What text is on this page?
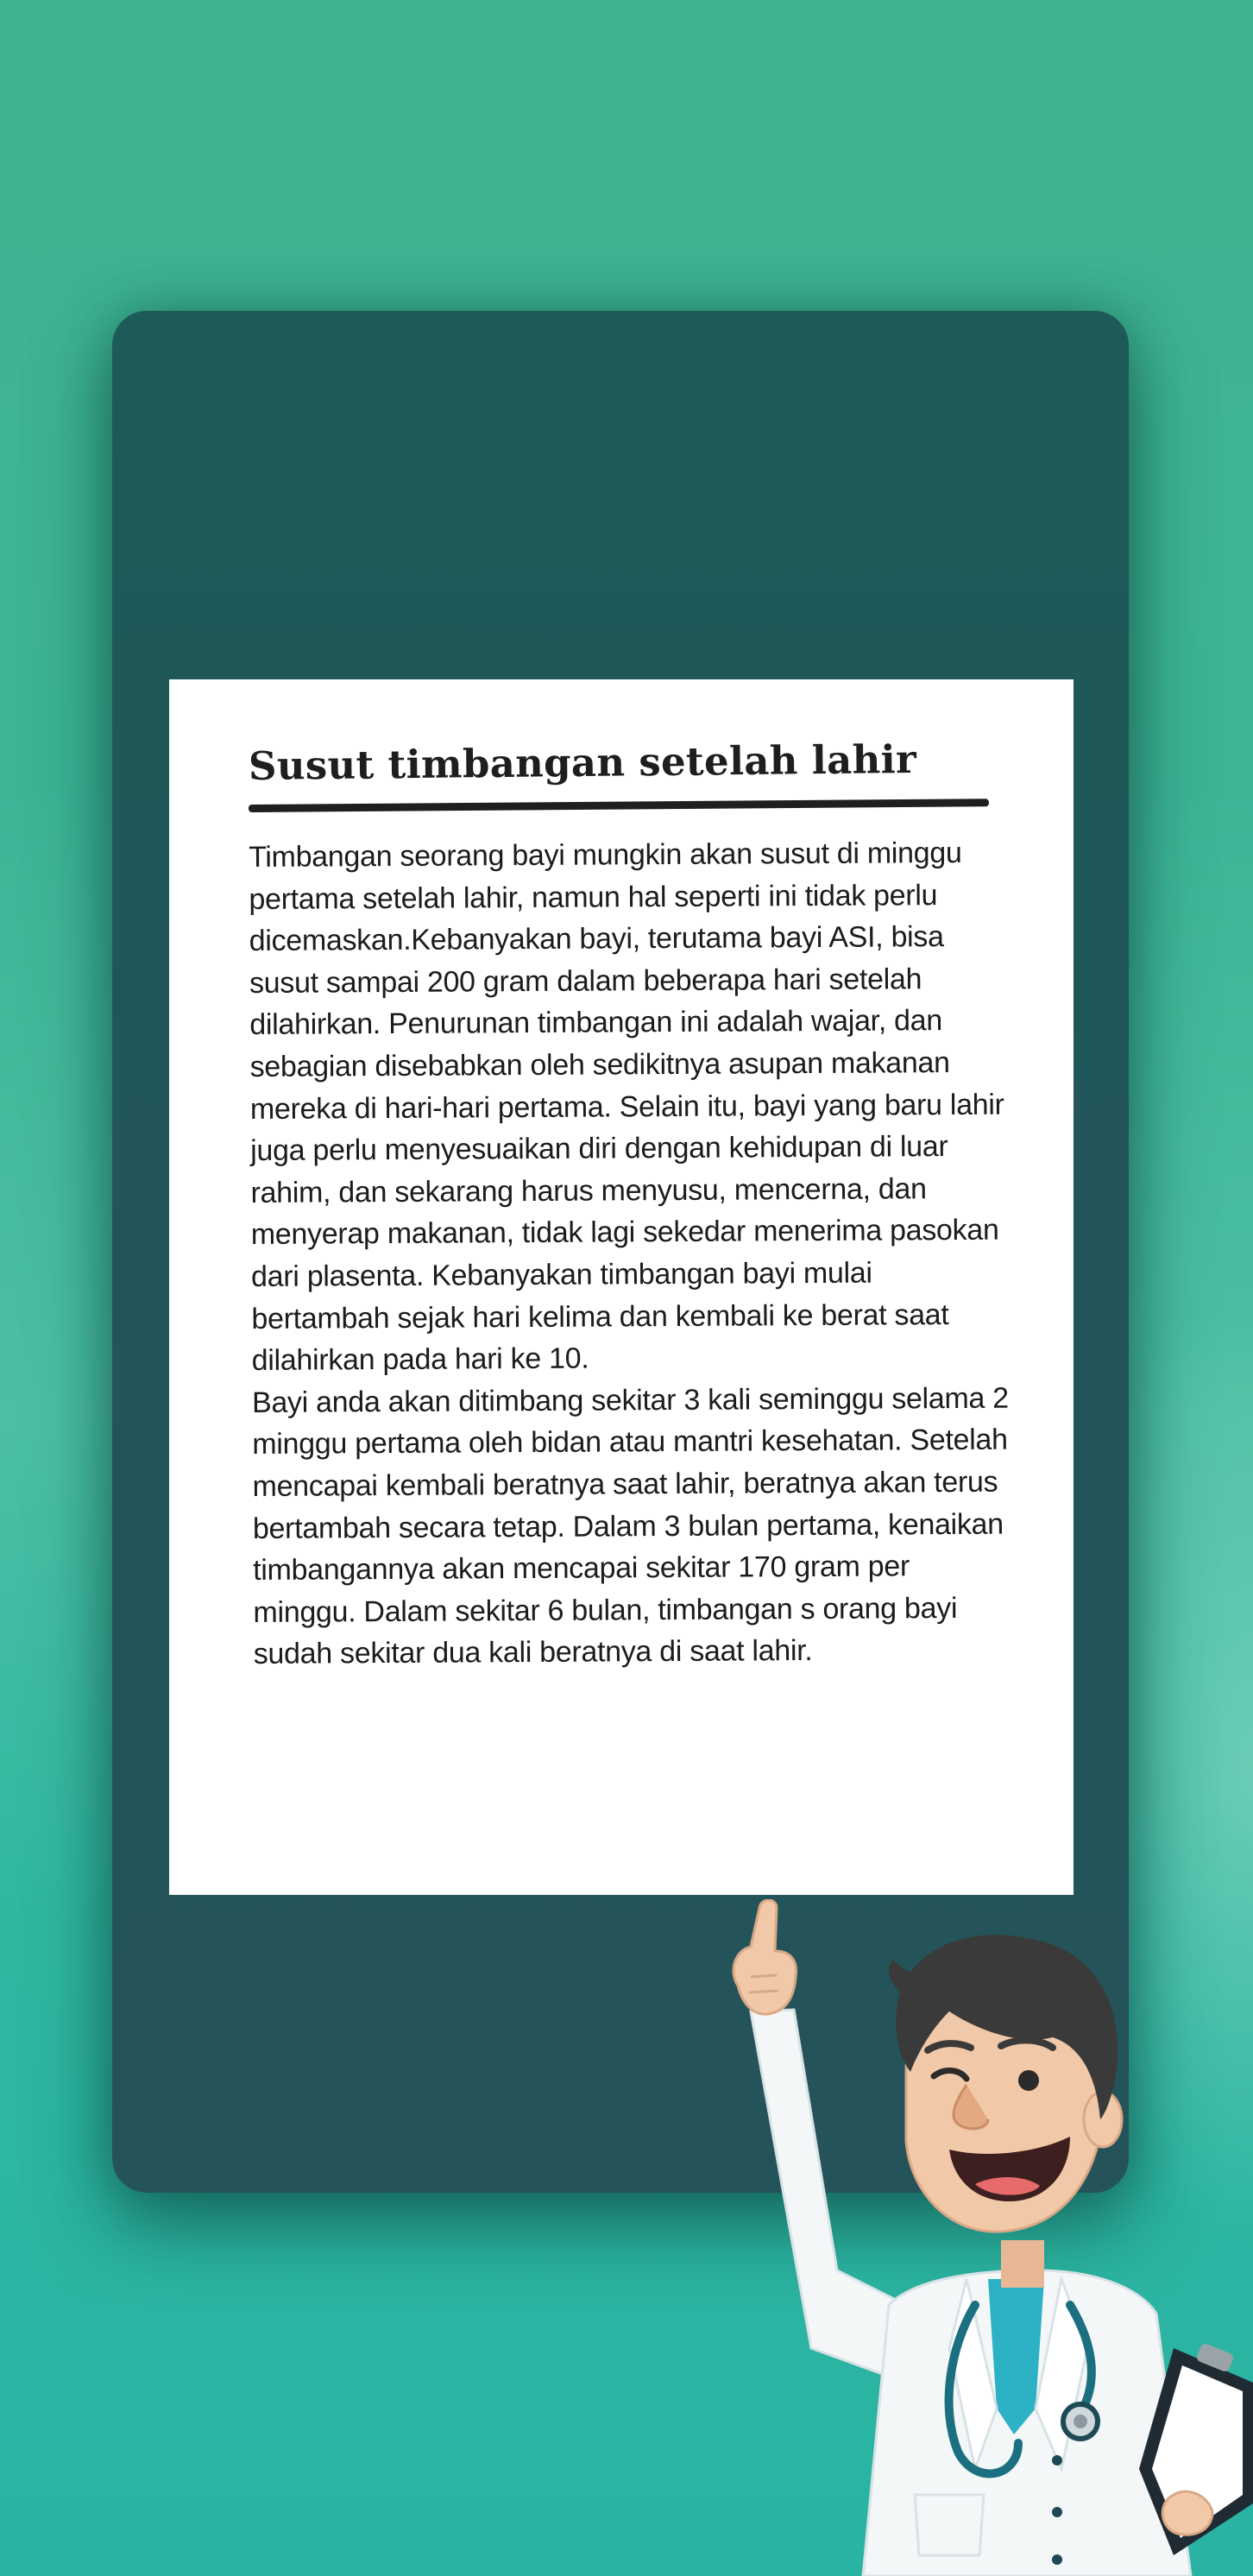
Susut timbangan setelah lahir

Timbangan seorang bayi mungkin akan susut di minggu pertama setelah lahir, namun hal seperti ini tidak perlu dicemaskan.Kebanyakan bayi, terutama bayi ASI, bisa susut sampai 200 gram dalam beberapa hari setelah dilahirkan. Penurunan timbangan ini adalah wajar, dan sebagian disebabkan oleh sedikitnya asupan makanan mereka di hari-hari pertama. Selain itu, bayi yang baru lahir juga perlu menyesuaikan diri dengan kehidupan di luar rahim, dan sekarang harus menyusu, mencerna, dan menyerap makanan, tidak lagi sekedar menerima pasokan dari plasenta. Kebanyakan timbangan bayi mulai bertambah sejak hari kelima dan kembali ke berat saat dilahirkan pada hari ke 10.

Bayi anda akan ditimbang sekitar 3 kali seminggu selama 2 minggu pertama oleh bidan atau mantri kesehatan. Setelah mencapai kembali beratnya saat lahir, beratnya akan terus bertambah secara tetap. Dalam 3 bulan pertama, kenaikan timbangannya akan mencapai sekitar 170 gram per minggu. Dalam sekitar 6 bulan, timbangan s orang bayi sudah sekitar dua kali beratnya di saat lahir.
